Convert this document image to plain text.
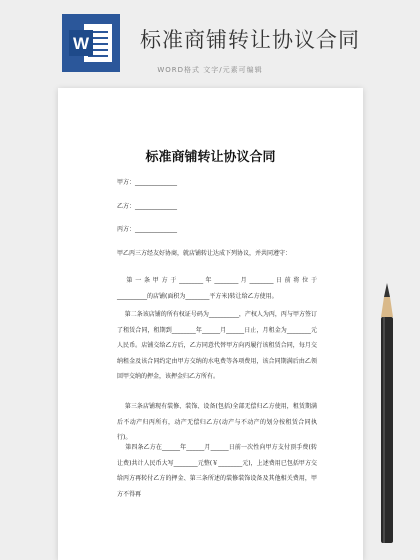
W 标准商铺转让协议合同
WORD格式 文字/元素可编辑
标准商铺转让协议合同
甲方：______________
乙方：______________
丙方：______________
甲乙丙三方经友好协商，就店铺转让达成下列协议，并共同遵守：
第 一 条 甲 方 于 ________ 年 ________ 月 ________ 日 前 将 位 于 __________的店铺(面积为________平方米)转让给乙方使用。
第二条该店铺的所有权证号码为__________，产权人为丙，丙与甲方签订了租赁合同，租期到________年______月______日止，月租金为________元人民币。店铺交给乙方后，乙方同意代替甲方向丙履行该租赁合同，每月交纳租金及该合同约定由甲方交纳的水电费等各项费用，该合同期满后由乙领回甲交纳的押金，该押金归乙方所有。
第三条店铺现有装修、装饰、设备(包括)全部无偿归乙方使用，租赁期满后不动产归丙所有，动产无偿归乙方(动产与不动产的划分按租赁合同执行)。
第四条乙方在______年______月______日前一次性向甲方支付顶手费(转让费)共计人民币大写________元整(￥________元)，上述费用已包括甲方交给丙方再转付乙方的押金、第三条所述的装修装饰设备及其他相关费用，甲方不得再
